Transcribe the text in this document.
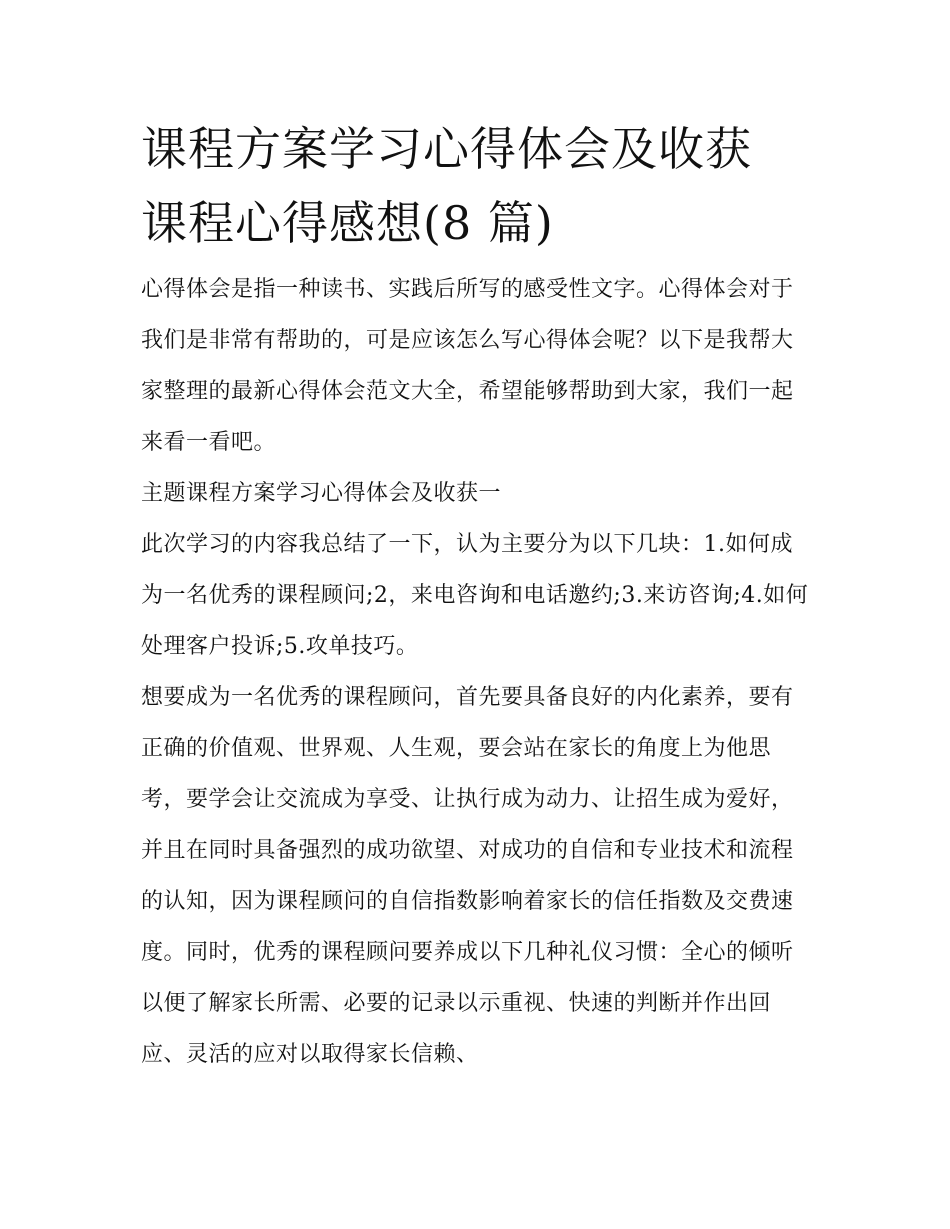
课程方案学习心得体会及收获
课程心得感想(8 篇)

心得体会是指一种读书、实践后所写的感受性文字。心得体会对于我们是非常有帮助的，可是应该怎么写心得体会呢？以下是我帮大家整理的最新心得体会范文大全，希望能够帮助到大家，我们一起来看一看吧。

主题课程方案学习心得体会及收获一

此次学习的内容我总结了一下，认为主要分为以下几块：1.如何成为一名优秀的课程顾问;2，来电咨询和电话邀约;3.来访咨询;4.如何处理客户投诉;5.攻单技巧。

想要成为一名优秀的课程顾问，首先要具备良好的内化素养，要有正确的价值观、世界观、人生观，要会站在家长的角度上为他思考，要学会让交流成为享受、让执行成为动力、让招生成为爱好，并且在同时具备强烈的成功欲望、对成功的自信和专业技术和流程的认知，因为课程顾问的自信指数影响着家长的信任指数及交费速度。同时，优秀的课程顾问要养成以下几种礼仪习惯：全心的倾听以便了解家长所需、必要的记录以示重视、快速的判断并作出回应、灵活的应对以取得家长信赖、
